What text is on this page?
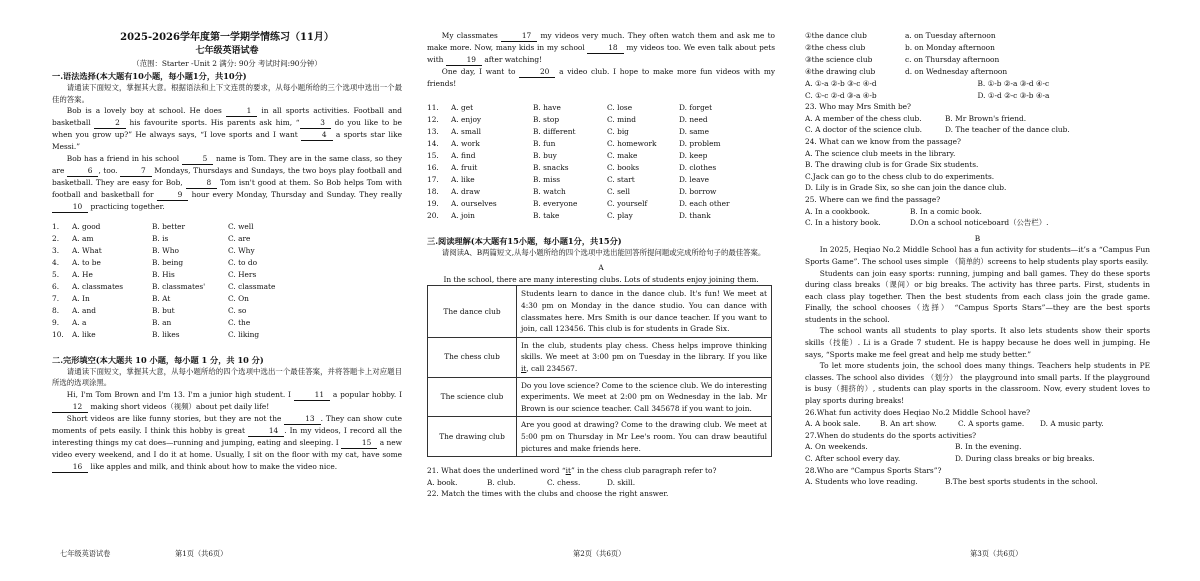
2025-2026学年度第一学期学情练习（11月）
七年级英语试卷
（范围：Starter -Unit 2 满分: 90分 考试时间:90分钟）
一.语法选择(本大题有10小题，每小题1分，共10分)

请通读下面短文，掌握其大意。根据语法和上下文连贯的要求，从每小题所给的三个选项中选出一个最佳的答案。

Bob is a lovely boy at school. He does	1 in all sports activities. Football and basketball	2 his favourite sports. His parents ask him, “	3 do you like to be when you grow up?” He always says, “I love sports and I want	4 a sports star like Messi.”

Bob has a friend in his school	5 name is Tom. They are in the same class, so they are	6 , too.	7 Mondays, Thursdays and Sundays, the two boys play football and basketball. They are easy for Bob,	8 Tom isn't good at them. So Bob helps Tom with football and basketball for	9 hour every Monday, Thursday and Sunday. They really 10 practicing together.

1.	A. good	B. better	C. well
2.	A. am	B. is	C. are
3.	A. What	B. Who	C. Why
4.	A. to be	B. being	C. to do
5.	A. He	B. His	C. Hers
6.	A. classmates	B. classmates'	C. classmate
7.	A. In	B. At	C. On
8.	A. and	B. but	C. so
9.	A. a	B. an	C. the
10.	A. like	B. likes	C. liking
二.完形填空(本大题共 10 小题，每小题 1 分，共 10 分)

请通读下面短文，掌握其大意，从每小题所给的四个选项中选出一个最佳答案，并将答题卡上对应题目所选的选项涂黑。

Hi, I'm Tom Brown and I'm 13. I'm a junior high student. I	11 a popular hobby. I 12 making short videos（视频）about pet daily life!

Short videos are like funny stories, but they are not the	13 . They can show cute moments of pets easily. I think this hobby is great	14 . In my videos, I record all the interesting things my cat does—running and jumping, eating and sleeping. I	15 a new video every weekend, and I do it at home. Usually, I sit on the floor with my cat, have some 16 like apples and milk, and think about how to make the video nice.

My classmates	17 my videos very much. They often watch them and ask me to make more. Now, many kids in my school	18 my videos too. We even talk about pets with	19 after watching!

One day, I want to	20 a video club. I hope to make more fun videos with my friends!

11.	A. get	B. have	C. lose	D. forget
12.	A. enjoy	B. stop	C. mind	D. need
13.	A. small	B. different	C. big	D. same
14.	A. work	B. fun	C. homework	D. problem
15.	A. find	B. buy	C. make	D. keep
16.	A. fruit	B. snacks	C. books	D. clothes
17.	A. like	B. miss	C. start	D. leave
18.	A. draw	B. watch	C. sell	D. borrow
19.	A. ourselves	B. everyone	C. yourself	D. each other
20.	A. join	B. take	C. play	D. thank
三.阅读理解(本大题有15小题，每小题1分，共15分)

请阅读A、B两篇短文,从每小题所给的四个选项中选出能回答所提问题或完成所给句子的最佳答案。

A
In the school, there are many interesting clubs. Lots of students enjoy joining them.
The dance club	Students learn to dance in the dance club. It's fun! We meet at 4:30 pm on Monday in the dance studio. You can dance with classmates here. Mrs Smith is our dance teacher. If you want to join, call 123456. This club is for students in Grade Six.
The chess club	In the club, students play chess. Chess helps improve thinking skills. We meet at 3:00 pm on Tuesday in the library. If you like it, call 234567.
The science club	Do you love science? Come to the science club. We do interesting experiments. We meet at 2:00 pm on Wednesday in the lab. Mr Brown is our science teacher. Call 345678 if you want to join.
The drawing club	Are you good at drawing? Come to the drawing club. We meet at 5:00 pm on Thursday in Mr Lee's room. You can draw beautiful pictures and make friends here.
21. What does the underlined word “it” in the chess club paragraph refer to?
A. book.	B. club.	C. chess.	D. skill.
22. Match the times with the clubs and choose the right answer.
①the dance club	a. on Tuesday afternoon
②the chess club	b. on Monday afternoon
③the science club	c. on Thursday afternoon
④the drawing club	d. on Wednesday afternoon
A. ①-a ②-b ③-c ④-d	B. ①-b ②-a ③-d ④-c
C. ①-c ②-d ③-a ④-b	D. ①-d ②-c ③-b ④-a
23. Who may Mrs Smith be?
A. A member of the chess club.	B. Mr Brown's friend.
C. A doctor of the science club.	D. The teacher of the dance club.
24. What can we know from the passage?
A. The science club meets in the library.
B. The drawing club is for Grade Six students.
C.Jack can go to the chess club to do experiments.
D. Lily is in Grade Six, so she can join the dance club.
25. Where can we find the passage?
A. In a cookbook.	B. In a comic book.
C. In a history book.	D.On a school noticeboard（公告栏）.
B

In 2025, Heqiao No.2 Middle School has a fun activity for students—it’s a “Campus Fun Sports Game”. The school uses simple （简单的）screens to help students play sports easily.

Students can join easy sports: running, jumping and ball games. They do these sports during class breaks（课间）or big breaks. The activity has three parts. First, students in each class play together. Then the best students from each class join the grade game. Finally, the school chooses（选择） “Campus Sports Stars”—they are the best sports students in the school.

The school wants all students to play sports. It also lets students show their sports skills（技能）. Li is a Grade 7 student. He is happy because he does well in jumping. He says, “Sports make me feel great and help me study better.”

To let more students join, the school does many things. Teachers help students in PE classes. The school also divides （划分） the playground into small parts. If the playground is busy（拥挤的）, students can play sports in the classroom. Now, every student loves to play sports during breaks!

26.What fun activity does Heqiao No.2 Middle School have?
A. A book sale.	B. An art show.	C. A sports game.	D. A music party.
27.When do students do the sports activities?
A. On weekends.	B. In the evening.
C. After school every day.	D. During class breaks or big breaks.
28.Who are “Campus Sports Stars”?
A. Students who love reading.	B.The best sports students in the school.
七年级英语试卷	第1页（共6页）	第2页（共6页）	第3页（共6页）
